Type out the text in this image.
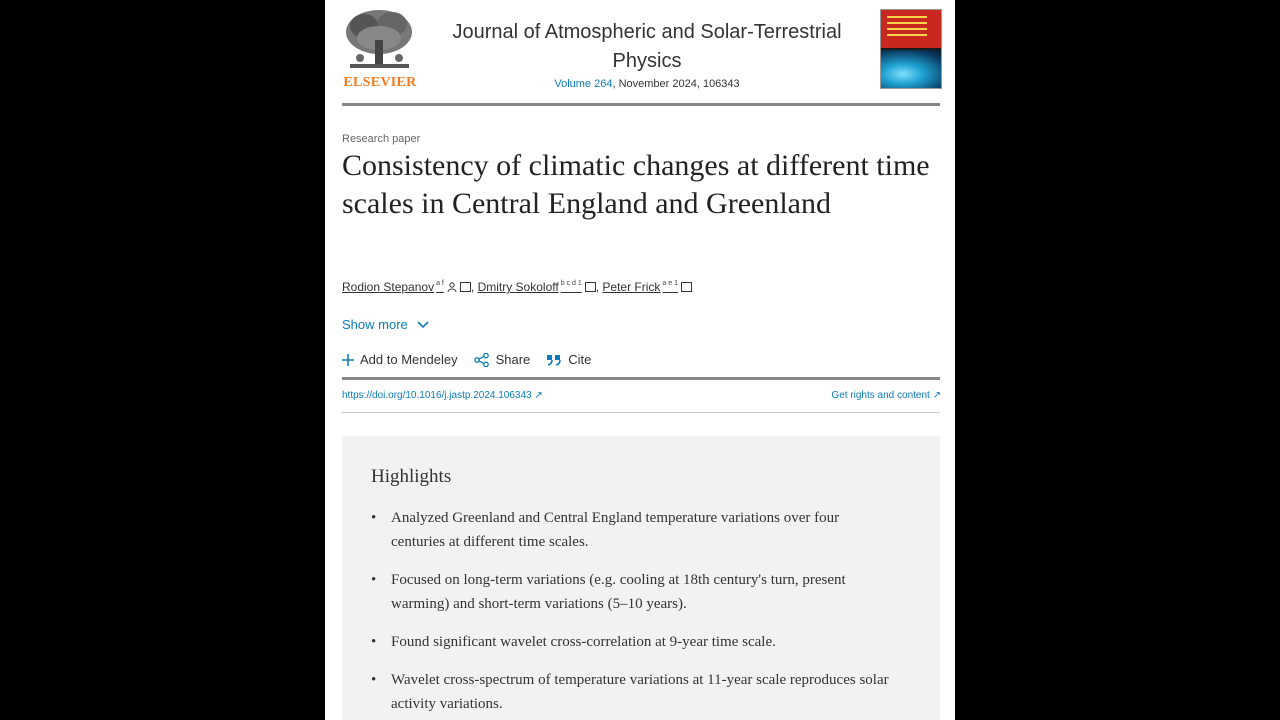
ELSEVIER
Journal of Atmospheric and Solar-Terrestrial Physics
Volume 264, November 2024, 106343
Research paper
Consistency of climatic changes at different time scales in Central England and Greenland
Rodion Stepanov $^{a f}$ , Dmitry Sokoloff $^{b c d 1}$ , Peter Frick $^{a e 1}$
Show more
Add to Mendeley	Share	Cite
https://doi.org/10.1016/j.jastp.2024.106343 ↗	Get rights and content ↗
Highlights
• Analyzed Greenland and Central England temperature variations over four centuries at different time scales.
• Focused on long-term variations (e.g. cooling at 18th century's turn, present warming) and short-term variations (5–10 years).
• Found significant wavelet cross-correlation at 9-year time scale.
• Wavelet cross-spectrum of temperature variations at 11-year scale reproduces solar activity variations.
